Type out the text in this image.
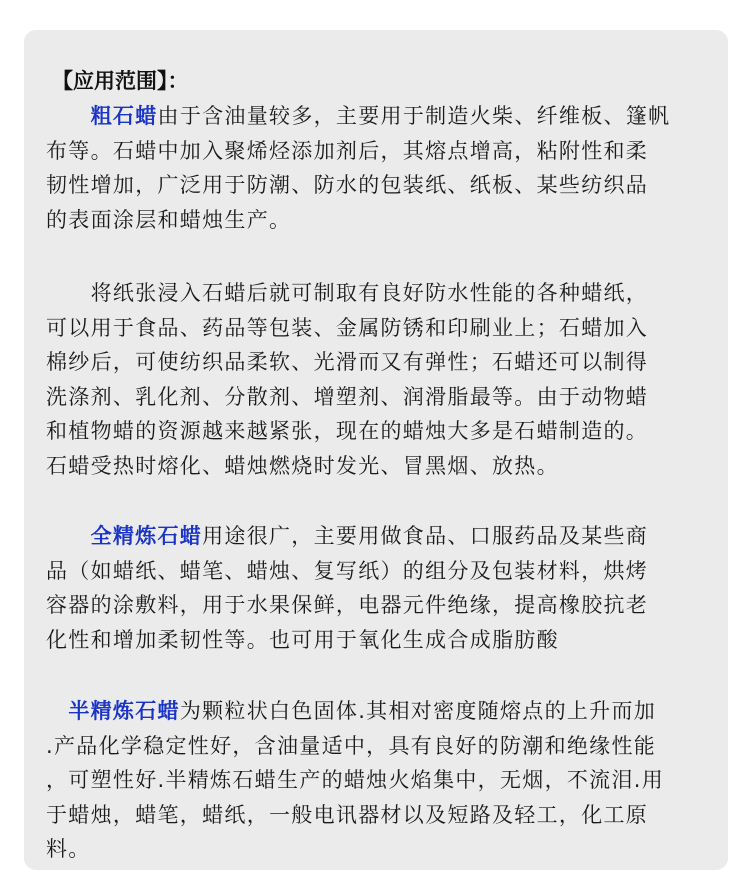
【应用范围】：
　　粗石蜡由于含油量较多，主要用于制造火柴、纤维板、篷帆
布等。石蜡中加入聚烯烃添加剂后，其熔点增高，粘附性和柔
韧性增加，广泛用于防潮、防水的包装纸、纸板、某些纺织品
的表面涂层和蜡烛生产。
　　将纸张浸入石蜡后就可制取有良好防水性能的各种蜡纸，
可以用于食品、药品等包装、金属防锈和印刷业上；石蜡加入
棉纱后，可使纺织品柔软、光滑而又有弹性；石蜡还可以制得
洗涤剂、乳化剂、分散剂、增塑剂、润滑脂最等。由于动物蜡
和植物蜡的资源越来越紧张，现在的蜡烛大多是石蜡制造的。
石蜡受热时熔化、蜡烛燃烧时发光、冒黑烟、放热。
　　全精炼石蜡用途很广，主要用做食品、口服药品及某些商
品（如蜡纸、蜡笔、蜡烛、复写纸）的组分及包装材料，烘烤
容器的涂敷料，用于水果保鲜，电器元件绝缘，提高橡胶抗老
化性和增加柔韧性等。也可用于氧化生成合成脂肪酸
　半精炼石蜡为颗粒状白色固体.其相对密度随熔点的上升而加
.产品化学稳定性好，含油量适中，具有良好的防潮和绝缘性能
，可塑性好.半精炼石蜡生产的蜡烛火焰集中，无烟，不流泪.用
于蜡烛，蜡笔，蜡纸，一般电讯器材以及短路及轻工，化工原
料。
